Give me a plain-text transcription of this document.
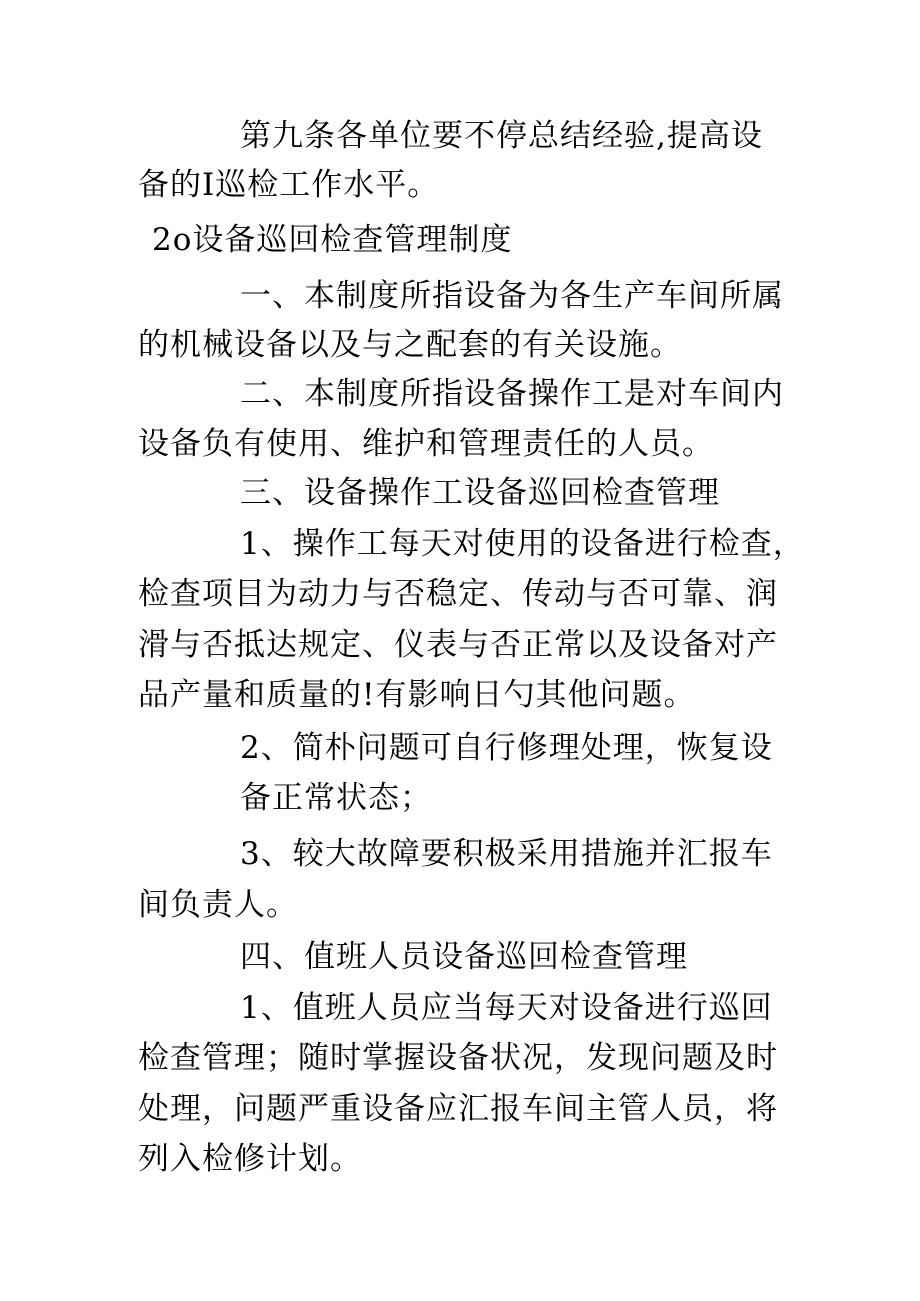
第九条各单位要不停总结经验,提高设
备的I巡检工作水平。
2o设备巡回检查管理制度
一、本制度所指设备为各生产车间所属
的机械设备以及与之配套的有关设施。
二、本制度所指设备操作工是对车间内
设备负有使用、维护和管理责任的人员。
三、设备操作工设备巡回检查管理
1、操作工每天对使用的设备进行检查，
检查项目为动力与否稳定、传动与否可靠、润
滑与否抵达规定、仪表与否正常以及设备对产
品产量和质量的!有影响日勺其他问题。
2、简朴问题可自行修理处理，恢复设
备正常状态；
3、较大故障要积极采用措施并汇报车
间负责人。
四、值班人员设备巡回检查管理
1、值班人员应当每天对设备进行巡回
检查管理；随时掌握设备状况，发现问题及时
处理，问题严重设备应汇报车间主管人员，将
列入检修计划。
